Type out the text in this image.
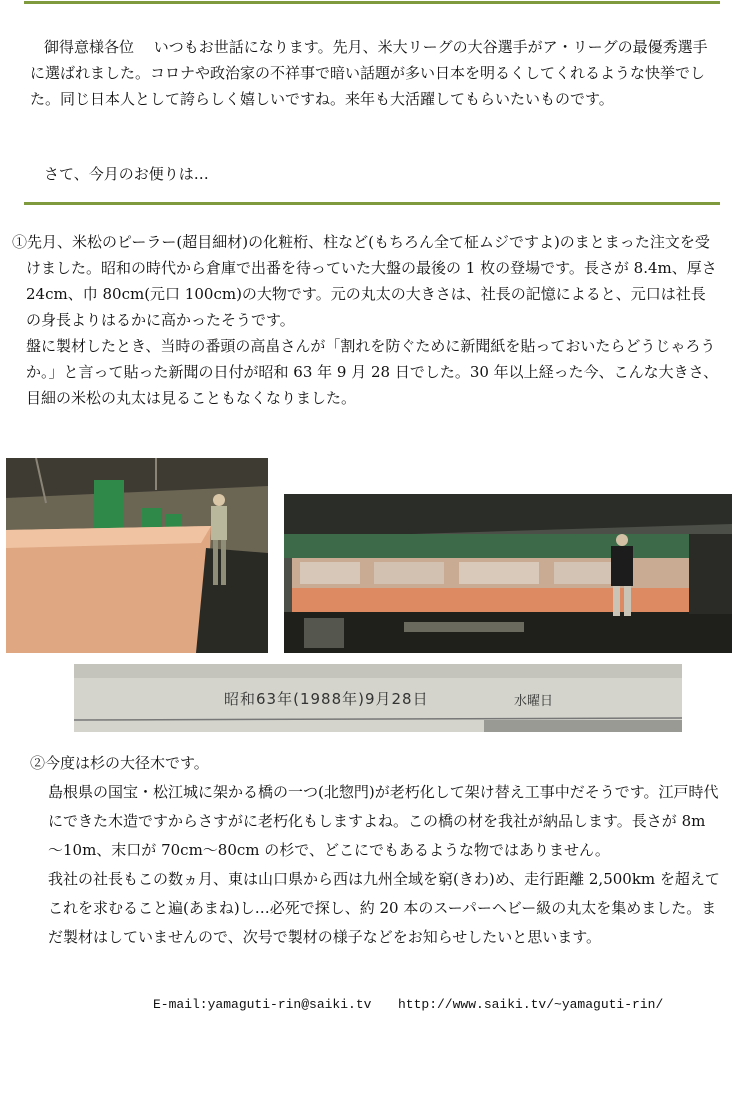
御得意様各位　 いつもお世話になります。先月、米大リーグの大谷選手がア・リーグの最優秀選手に選ばれました。コロナや政治家の不祥事で暗い話題が多い日本を明るくしてくれるような快挙でした。同じ日本人として誇らしく嬉しいですね。来年も大活躍してもらいたいものです。

さて、今月のお便りは…

①先月、米松のピーラー(超目細材)の化粧桁、柱など(もちろん全て柾ムジですよ)のまとまった注文を受けました。昭和の時代から倉庫で出番を待っていた大盤の最後の 1 枚の登場です。長さが 8.4m、厚さ 24cm、巾 80cm(元口 100cm)の大物です。元の丸太の大きさは、社長の記憶によると、元口は社長の身長よりはるかに高かったそうです。
盤に製材したとき、当時の番頭の高畠さんが「割れを防ぐために新聞紙を貼っておいたらどうじゃろうか。」と言って貼った新聞の日付が昭和 63 年 9 月 28 日でした。30 年以上経った今、こんな大きさ、目細の米松の丸太は見ることもなくなりました。
昭和63年(1988年)9月28日	水曜日
②今度は杉の大径木です。
島根県の国宝・松江城に架かる橋の一つ(北惣門)が老朽化して架け替え工事中だそうです。江戸時代にできた木造ですからさすがに老朽化もしますよね。この橋の材を我社が納品します。長さが 8m～10m、末口が 70cm～80cm の杉で、どこにでもあるような物ではありません。
我社の社長もこの数ヵ月、東は山口県から西は九州全域を窮(きわ)め、走行距離 2,500km を超えてこれを求むること遍(あまね)し…必死で探し、約 20 本のスーパーヘビー級の丸太を集めました。まだ製材はしていませんので、次号で製材の様子などをお知らせしたいと思います。
E-mail:yamaguti-rin@saiki.tv http://www.saiki.tv/~yamaguti-rin/
